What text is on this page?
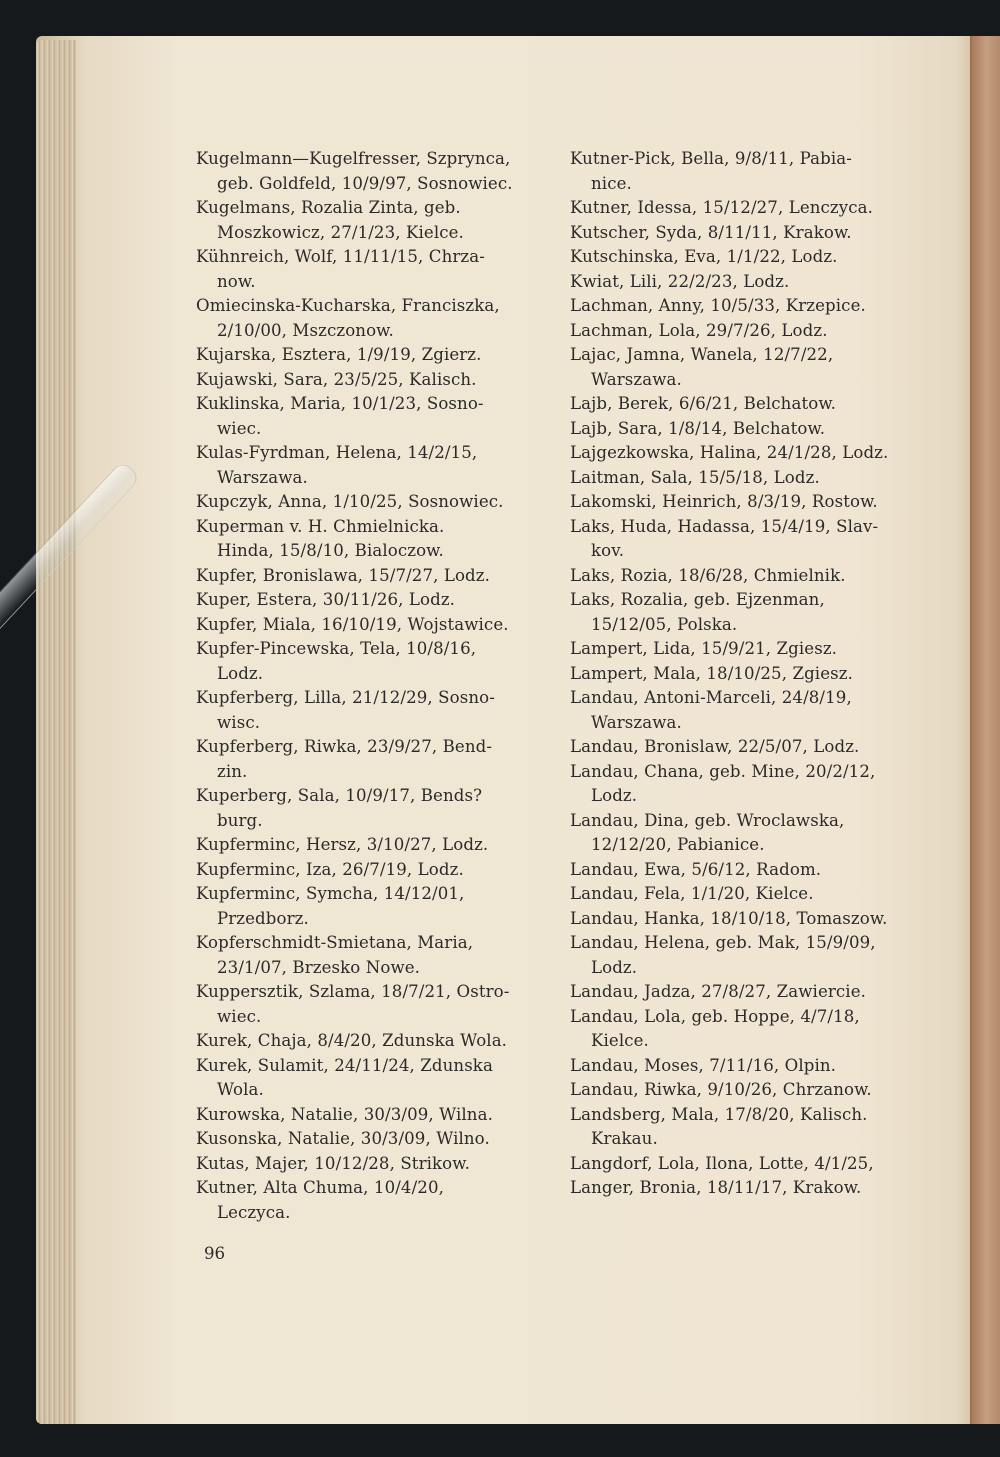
Kugelmann—Kugelfresser, Szprynca,
geb. Goldfeld, 10/9/97, Sosnowiec.
Kugelmans, Rozalia Zinta, geb.
Moszkowicz, 27/1/23, Kielce.
Kühnreich, Wolf, 11/11/15, Chrza-
now.
Omiecinska-Kucharska, Franciszka,
2/10/00, Mszczonow.
Kujarska, Esztera, 1/9/19, Zgierz.
Kujawski, Sara, 23/5/25, Kalisch.
Kuklinska, Maria, 10/1/23, Sosno-
wiec.
Kulas-Fyrdman, Helena, 14/2/15,
Warszawa.
Kupczyk, Anna, 1/10/25, Sosnowiec.
Kuperman v. H. Chmielnicka.
Hinda, 15/8/10, Bialoczow.
Kupfer, Bronislawa, 15/7/27, Lodz.
Kuper, Estera, 30/11/26, Lodz.
Kupfer, Miala, 16/10/19, Wojstawice.
Kupfer-Pincewska, Tela, 10/8/16,
Lodz.
Kupferberg, Lilla, 21/12/29, Sosno-
wisc.
Kupferberg, Riwka, 23/9/27, Bend-
zin.
Kuperberg, Sala, 10/9/17, Bends?
burg.
Kupferminc, Hersz, 3/10/27, Lodz.
Kupferminc, Iza, 26/7/19, Lodz.
Kupferminc, Symcha, 14/12/01,
Przedborz.
Kopferschmidt-Smietana, Maria,
23/1/07, Brzesko Nowe.
Kuppersztik, Szlama, 18/7/21, Ostro-
wiec.
Kurek, Chaja, 8/4/20, Zdunska Wola.
Kurek, Sulamit, 24/11/24, Zdunska
Wola.
Kurowska, Natalie, 30/3/09, Wilna.
Kusonska, Natalie, 30/3/09, Wilno.
Kutas, Majer, 10/12/28, Strikow.
Kutner, Alta Chuma, 10/4/20,
Leczyca.
Kutner-Pick, Bella, 9/8/11, Pabia-
nice.
Kutner, Idessa, 15/12/27, Lenczyca.
Kutscher, Syda, 8/11/11, Krakow.
Kutschinska, Eva, 1/1/22, Lodz.
Kwiat, Lili, 22/2/23, Lodz.
Lachman, Anny, 10/5/33, Krzepice.
Lachman, Lola, 29/7/26, Lodz.
Lajac, Jamna, Wanela, 12/7/22,
Warszawa.
Lajb, Berek, 6/6/21, Belchatow.
Lajb, Sara, 1/8/14, Belchatow.
Lajgezkowska, Halina, 24/1/28, Lodz.
Laitman, Sala, 15/5/18, Lodz.
Lakomski, Heinrich, 8/3/19, Rostow.
Laks, Huda, Hadassa, 15/4/19, Slav-
kov.
Laks, Rozia, 18/6/28, Chmielnik.
Laks, Rozalia, geb. Ejzenman,
15/12/05, Polska.
Lampert, Lida, 15/9/21, Zgiesz.
Lampert, Mala, 18/10/25, Zgiesz.
Landau, Antoni-Marceli, 24/8/19,
Warszawa.
Landau, Bronislaw, 22/5/07, Lodz.
Landau, Chana, geb. Mine, 20/2/12,
Lodz.
Landau, Dina, geb. Wroclawska,
12/12/20, Pabianice.
Landau, Ewa, 5/6/12, Radom.
Landau, Fela, 1/1/20, Kielce.
Landau, Hanka, 18/10/18, Tomaszow.
Landau, Helena, geb. Mak, 15/9/09,
Lodz.
Landau, Jadza, 27/8/27, Zawiercie.
Landau, Lola, geb. Hoppe, 4/7/18,
Kielce.
Landau, Moses, 7/11/16, Olpin.
Landau, Riwka, 9/10/26, Chrzanow.
Landsberg, Mala, 17/8/20, Kalisch.
Krakau.
Langdorf, Lola, Ilona, Lotte, 4/1/25,
Langer, Bronia, 18/11/17, Krakow.
96
